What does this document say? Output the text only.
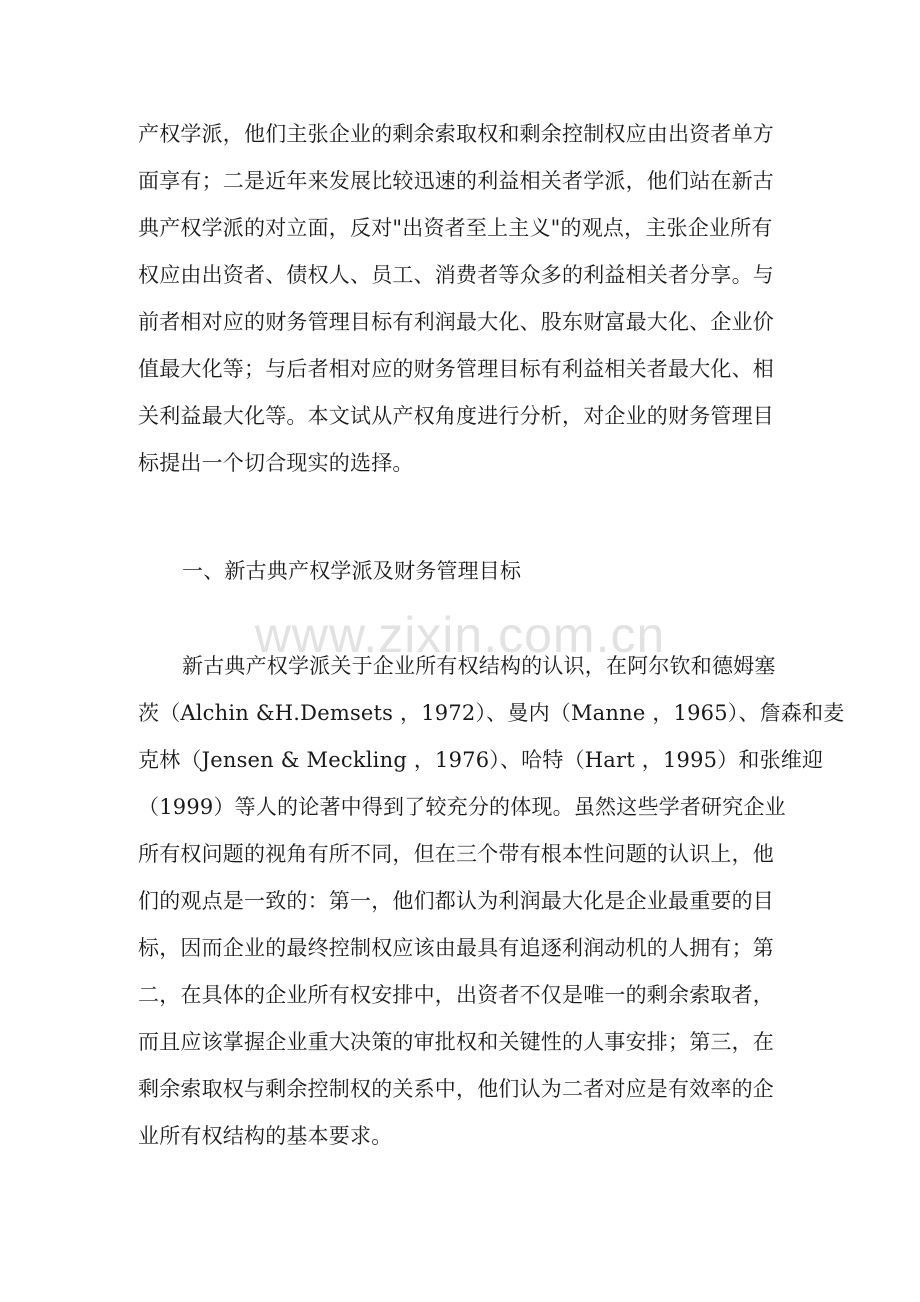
产权学派，他们主张企业的剩余索取权和剩余控制权应由出资者单方
面享有；二是近年来发展比较迅速的利益相关者学派，他们站在新古
典产权学派的对立面，反对"出资者至上主义"的观点，主张企业所有
权应由出资者、债权人、员工、消费者等众多的利益相关者分享。与
前者相对应的财务管理目标有利润最大化、股东财富最大化、企业价
值最大化等；与后者相对应的财务管理目标有利益相关者最大化、相
关利益最大化等。本文试从产权角度进行分析，对企业的财务管理目
标提出一个切合现实的选择。
一、新古典产权学派及财务管理目标
www.zixin.com.cn
新古典产权学派关于企业所有权结构的认识，在阿尔钦和德姆塞
茨（Alchin &H.Demsets ，1972）、曼内（Manne ，1965）、詹森和麦
克林（Jensen & Meckling ，1976）、哈特（Hart ，1995）和张维迎
（1999）等人的论著中得到了较充分的体现。虽然这些学者研究企业
所有权问题的视角有所不同，但在三个带有根本性问题的认识上，他
们的观点是一致的：第一，他们都认为利润最大化是企业最重要的目
标，因而企业的最终控制权应该由最具有追逐利润动机的人拥有；第
二，在具体的企业所有权安排中，出资者不仅是唯一的剩余索取者，
而且应该掌握企业重大决策的审批权和关键性的人事安排；第三，在
剩余索取权与剩余控制权的关系中，他们认为二者对应是有效率的企
业所有权结构的基本要求。
